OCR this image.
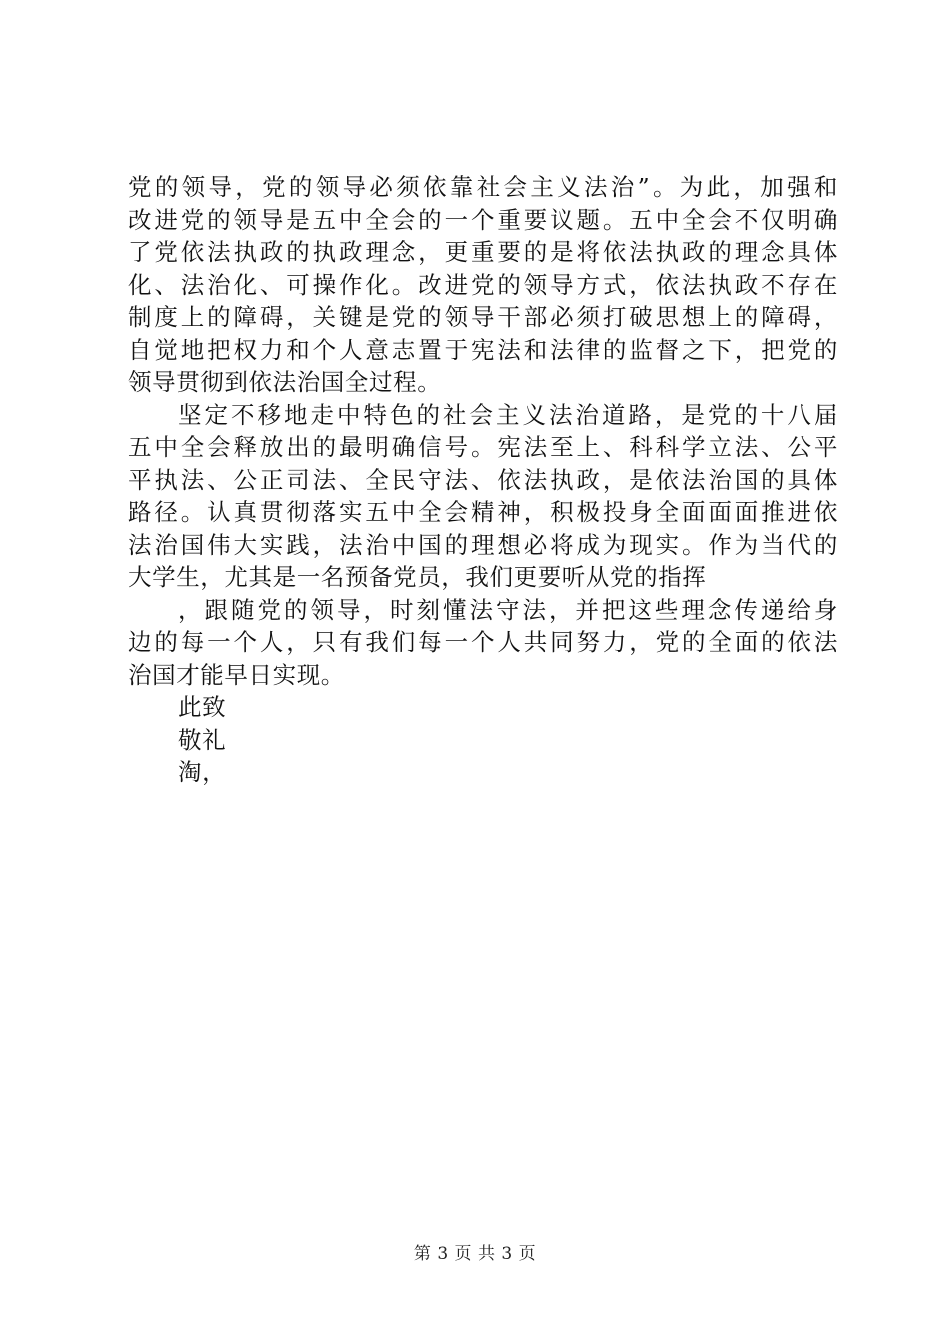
党的领导，党的领导必须依靠社会主义法治”。为此，加强和
改进党的领导是五中全会的一个重要议题。五中全会不仅明确
了党依法执政的执政理念，更重要的是将依法执政的理念具体
化、法治化、可操作化。改进党的领导方式，依法执政不存在
制度上的障碍，关键是党的领导干部必须打破思想上的障碍，
自觉地把权力和个人意志置于宪法和法律的监督之下，把党的
领导贯彻到依法治国全过程。
坚定不移地走中特色的社会主义法治道路，是党的十八届
五中全会释放出的最明确信号。宪法至上、科科学立法、公平
平执法、公正司法、全民守法、依法执政，是依法治国的具体
路径。认真贯彻落实五中全会精神，积极投身全面面面推进依
法治国伟大实践，法治中国的理想必将成为现实。作为当代的
大学生，尤其是一名预备党员，我们更要听从党的指挥
，跟随党的领导，时刻懂法守法，并把这些理念传递给身
边的每一个人，只有我们每一个人共同努力，党的全面的依法
治国才能早日实现。
此致
敬礼
淘，
第 3 页 共 3 页
